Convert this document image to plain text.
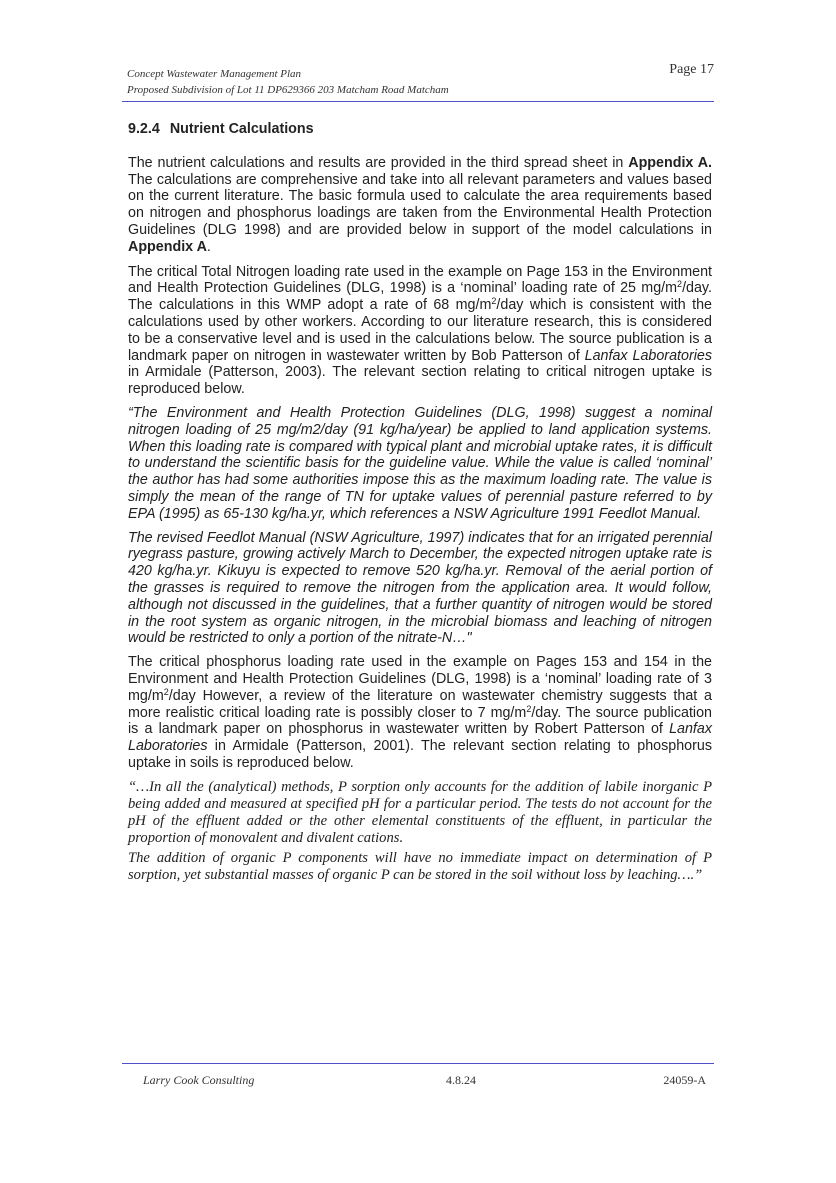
Concept Wastewater Management Plan
Proposed Subdivision of Lot 11 DP629366 203 Matcham Road Matcham
Page 17
9.2.4 Nutrient Calculations

The nutrient calculations and results are provided in the third spread sheet in Appendix A. The calculations are comprehensive and take into all relevant parameters and values based on the current literature. The basic formula used to calculate the area requirements based on nitrogen and phosphorus loadings are taken from the Environmental Health Protection Guidelines (DLG 1998) and are provided below in support of the model calculations in Appendix A.

The critical Total Nitrogen loading rate used in the example on Page 153 in the Environment and Health Protection Guidelines (DLG, 1998) is a ‘nominal’ loading rate of 25 $mg/m^2$/day. The calculations in this WMP adopt a rate of 68 $mg/m^2$/day which is consistent with the calculations used by other workers. According to our literature research, this is considered to be a conservative level and is used in the calculations below. The source publication is a landmark paper on nitrogen in wastewater written by Bob Patterson of Lanfax Laboratories in Armidale (Patterson, 2003). The relevant section relating to critical nitrogen uptake is reproduced below.

“The Environment and Health Protection Guidelines (DLG, 1998) suggest a nominal nitrogen loading of 25 mg/m2/day (91 kg/ha/year) be applied to land application systems. When this loading rate is compared with typical plant and microbial uptake rates, it is difficult to understand the scientific basis for the guideline value. While the value is called ‘nominal’ the author has had some authorities impose this as the maximum loading rate. The value is simply the mean of the range of TN for uptake values of perennial pasture referred to by EPA (1995) as 65-130 kg/ha.yr, which references a NSW Agriculture 1991 Feedlot Manual.

The revised Feedlot Manual (NSW Agriculture, 1997) indicates that for an irrigated perennial ryegrass pasture, growing actively March to December, the expected nitrogen uptake rate is 420 kg/ha.yr. Kikuyu is expected to remove 520 kg/ha.yr. Removal of the aerial portion of the grasses is required to remove the nitrogen from the application area. It would follow, although not discussed in the guidelines, that a further quantity of nitrogen would be stored in the root system as organic nitrogen, in the microbial biomass and leaching of nitrogen would be restricted to only a portion of the nitrate-N…"

The critical phosphorus loading rate used in the example on Pages 153 and 154 in the Environment and Health Protection Guidelines (DLG, 1998) is a ‘nominal’ loading rate of 3 $mg/m^2$/day However, a review of the literature on wastewater chemistry suggests that a more realistic critical loading rate is possibly closer to 7 $mg/m^2$/day. The source publication is a landmark paper on phosphorus in wastewater written by Robert Patterson of Lanfax Laboratories in Armidale (Patterson, 2001). The relevant section relating to phosphorus uptake in soils is reproduced below.

“…In all the (analytical) methods, P sorption only accounts for the addition of labile inorganic P being added and measured at specified pH for a particular period. The tests do not account for the pH of the effluent added or the other elemental constituents of the effluent, in particular the proportion of monovalent and divalent cations.

The addition of organic P components will have no immediate impact on determination of P sorption, yet substantial masses of organic P can be stored in the soil without loss by leaching….”

Larry Cook Consulting	4.8.24	24059-A
